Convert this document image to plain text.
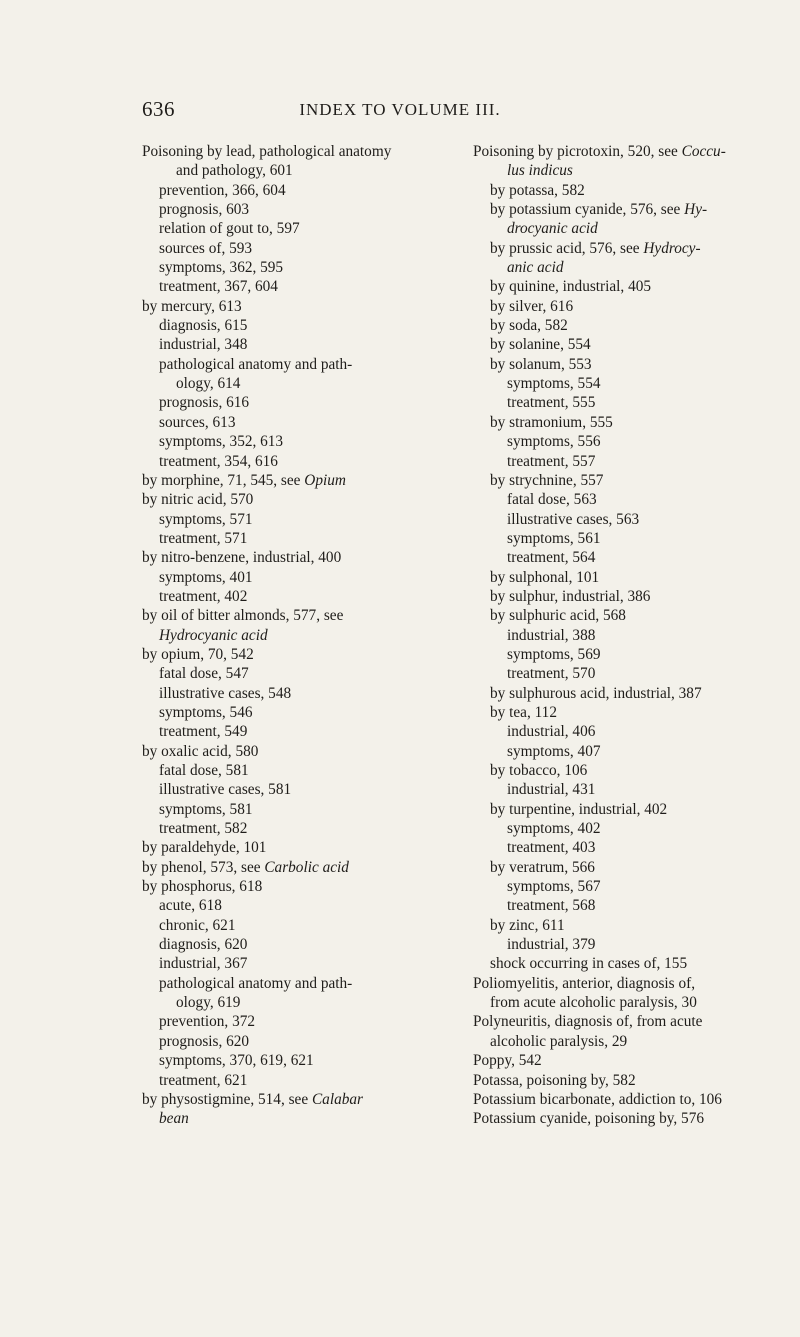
636	INDEX TO VOLUME III.
Poisoning by lead, pathological anatomy
and pathology, 601
prevention, 366, 604
prognosis, 603
relation of gout to, 597
sources of, 593
symptoms, 362, 595
treatment, 367, 604
by mercury, 613
diagnosis, 615
industrial, 348
pathological anatomy and path-
ology, 614
prognosis, 616
sources, 613
symptoms, 352, 613
treatment, 354, 616
by morphine, 71, 545, see Opium
by nitric acid, 570
symptoms, 571
treatment, 571
by nitro-benzene, industrial, 400
symptoms, 401
treatment, 402
by oil of bitter almonds, 577, see
Hydrocyanic acid
by opium, 70, 542
fatal dose, 547
illustrative cases, 548
symptoms, 546
treatment, 549
by oxalic acid, 580
fatal dose, 581
illustrative cases, 581
symptoms, 581
treatment, 582
by paraldehyde, 101
by phenol, 573, see Carbolic acid
by phosphorus, 618
acute, 618
chronic, 621
diagnosis, 620
industrial, 367
pathological anatomy and path-
ology, 619
prevention, 372
prognosis, 620
symptoms, 370, 619, 621
treatment, 621
by physostigmine, 514, see Calabar
bean
Poisoning by picrotoxin, 520, see Coccu-
lus indicus
by potassa, 582
by potassium cyanide, 576, see Hy-
drocyanic acid
by prussic acid, 576, see Hydrocy-
anic acid
by quinine, industrial, 405
by silver, 616
by soda, 582
by solanine, 554
by solanum, 553
symptoms, 554
treatment, 555
by stramonium, 555
symptoms, 556
treatment, 557
by strychnine, 557
fatal dose, 563
illustrative cases, 563
symptoms, 561
treatment, 564
by sulphonal, 101
by sulphur, industrial, 386
by sulphuric acid, 568
industrial, 388
symptoms, 569
treatment, 570
by sulphurous acid, industrial, 387
by tea, 112
industrial, 406
symptoms, 407
by tobacco, 106
industrial, 431
by turpentine, industrial, 402
symptoms, 402
treatment, 403
by veratrum, 566
symptoms, 567
treatment, 568
by zinc, 611
industrial, 379
shock occurring in cases of, 155
Poliomyelitis, anterior, diagnosis of,
from acute alcoholic paralysis, 30
Polyneuritis, diagnosis of, from acute
alcoholic paralysis, 29
Poppy, 542
Potassa, poisoning by, 582
Potassium bicarbonate, addiction to, 106
Potassium cyanide, poisoning by, 576
